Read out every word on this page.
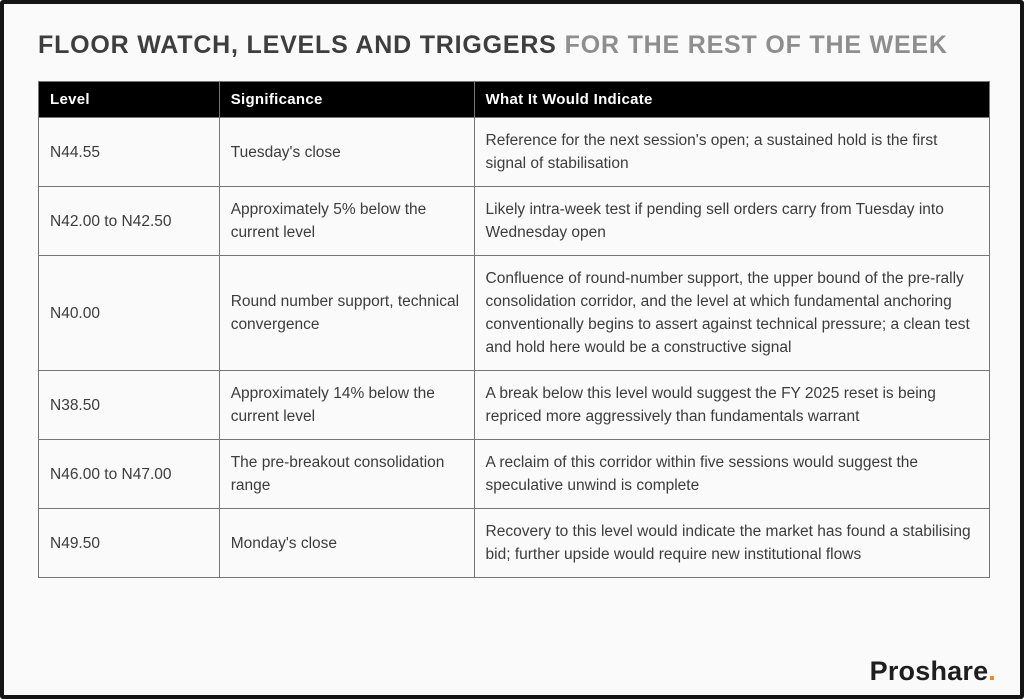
FLOOR WATCH, LEVELS AND TRIGGERS FOR THE REST OF THE WEEK
Level	Significance	What It Would Indicate
N44.55	Tuesday's close	Reference for the next session's open; a sustained hold is the first signal of stabilisation
N42.00 to N42.50	Approximately 5% below the current level	Likely intra-week test if pending sell orders carry from Tuesday into Wednesday open
N40.00	Round number support, technical convergence	Confluence of round-number support, the upper bound of the pre-rally consolidation corridor, and the level at which fundamental anchoring conventionally begins to assert against technical pressure; a clean test and hold here would be a constructive signal
N38.50	Approximately 14% below the current level	A break below this level would suggest the FY 2025 reset is being repriced more aggressively than fundamentals warrant
N46.00 to N47.00	The pre-breakout consolidation range	A reclaim of this corridor within five sessions would suggest the speculative unwind is complete
N49.50	Monday's close	Recovery to this level would indicate the market has found a stabilising bid; further upside would require new institutional flows
Proshare.
